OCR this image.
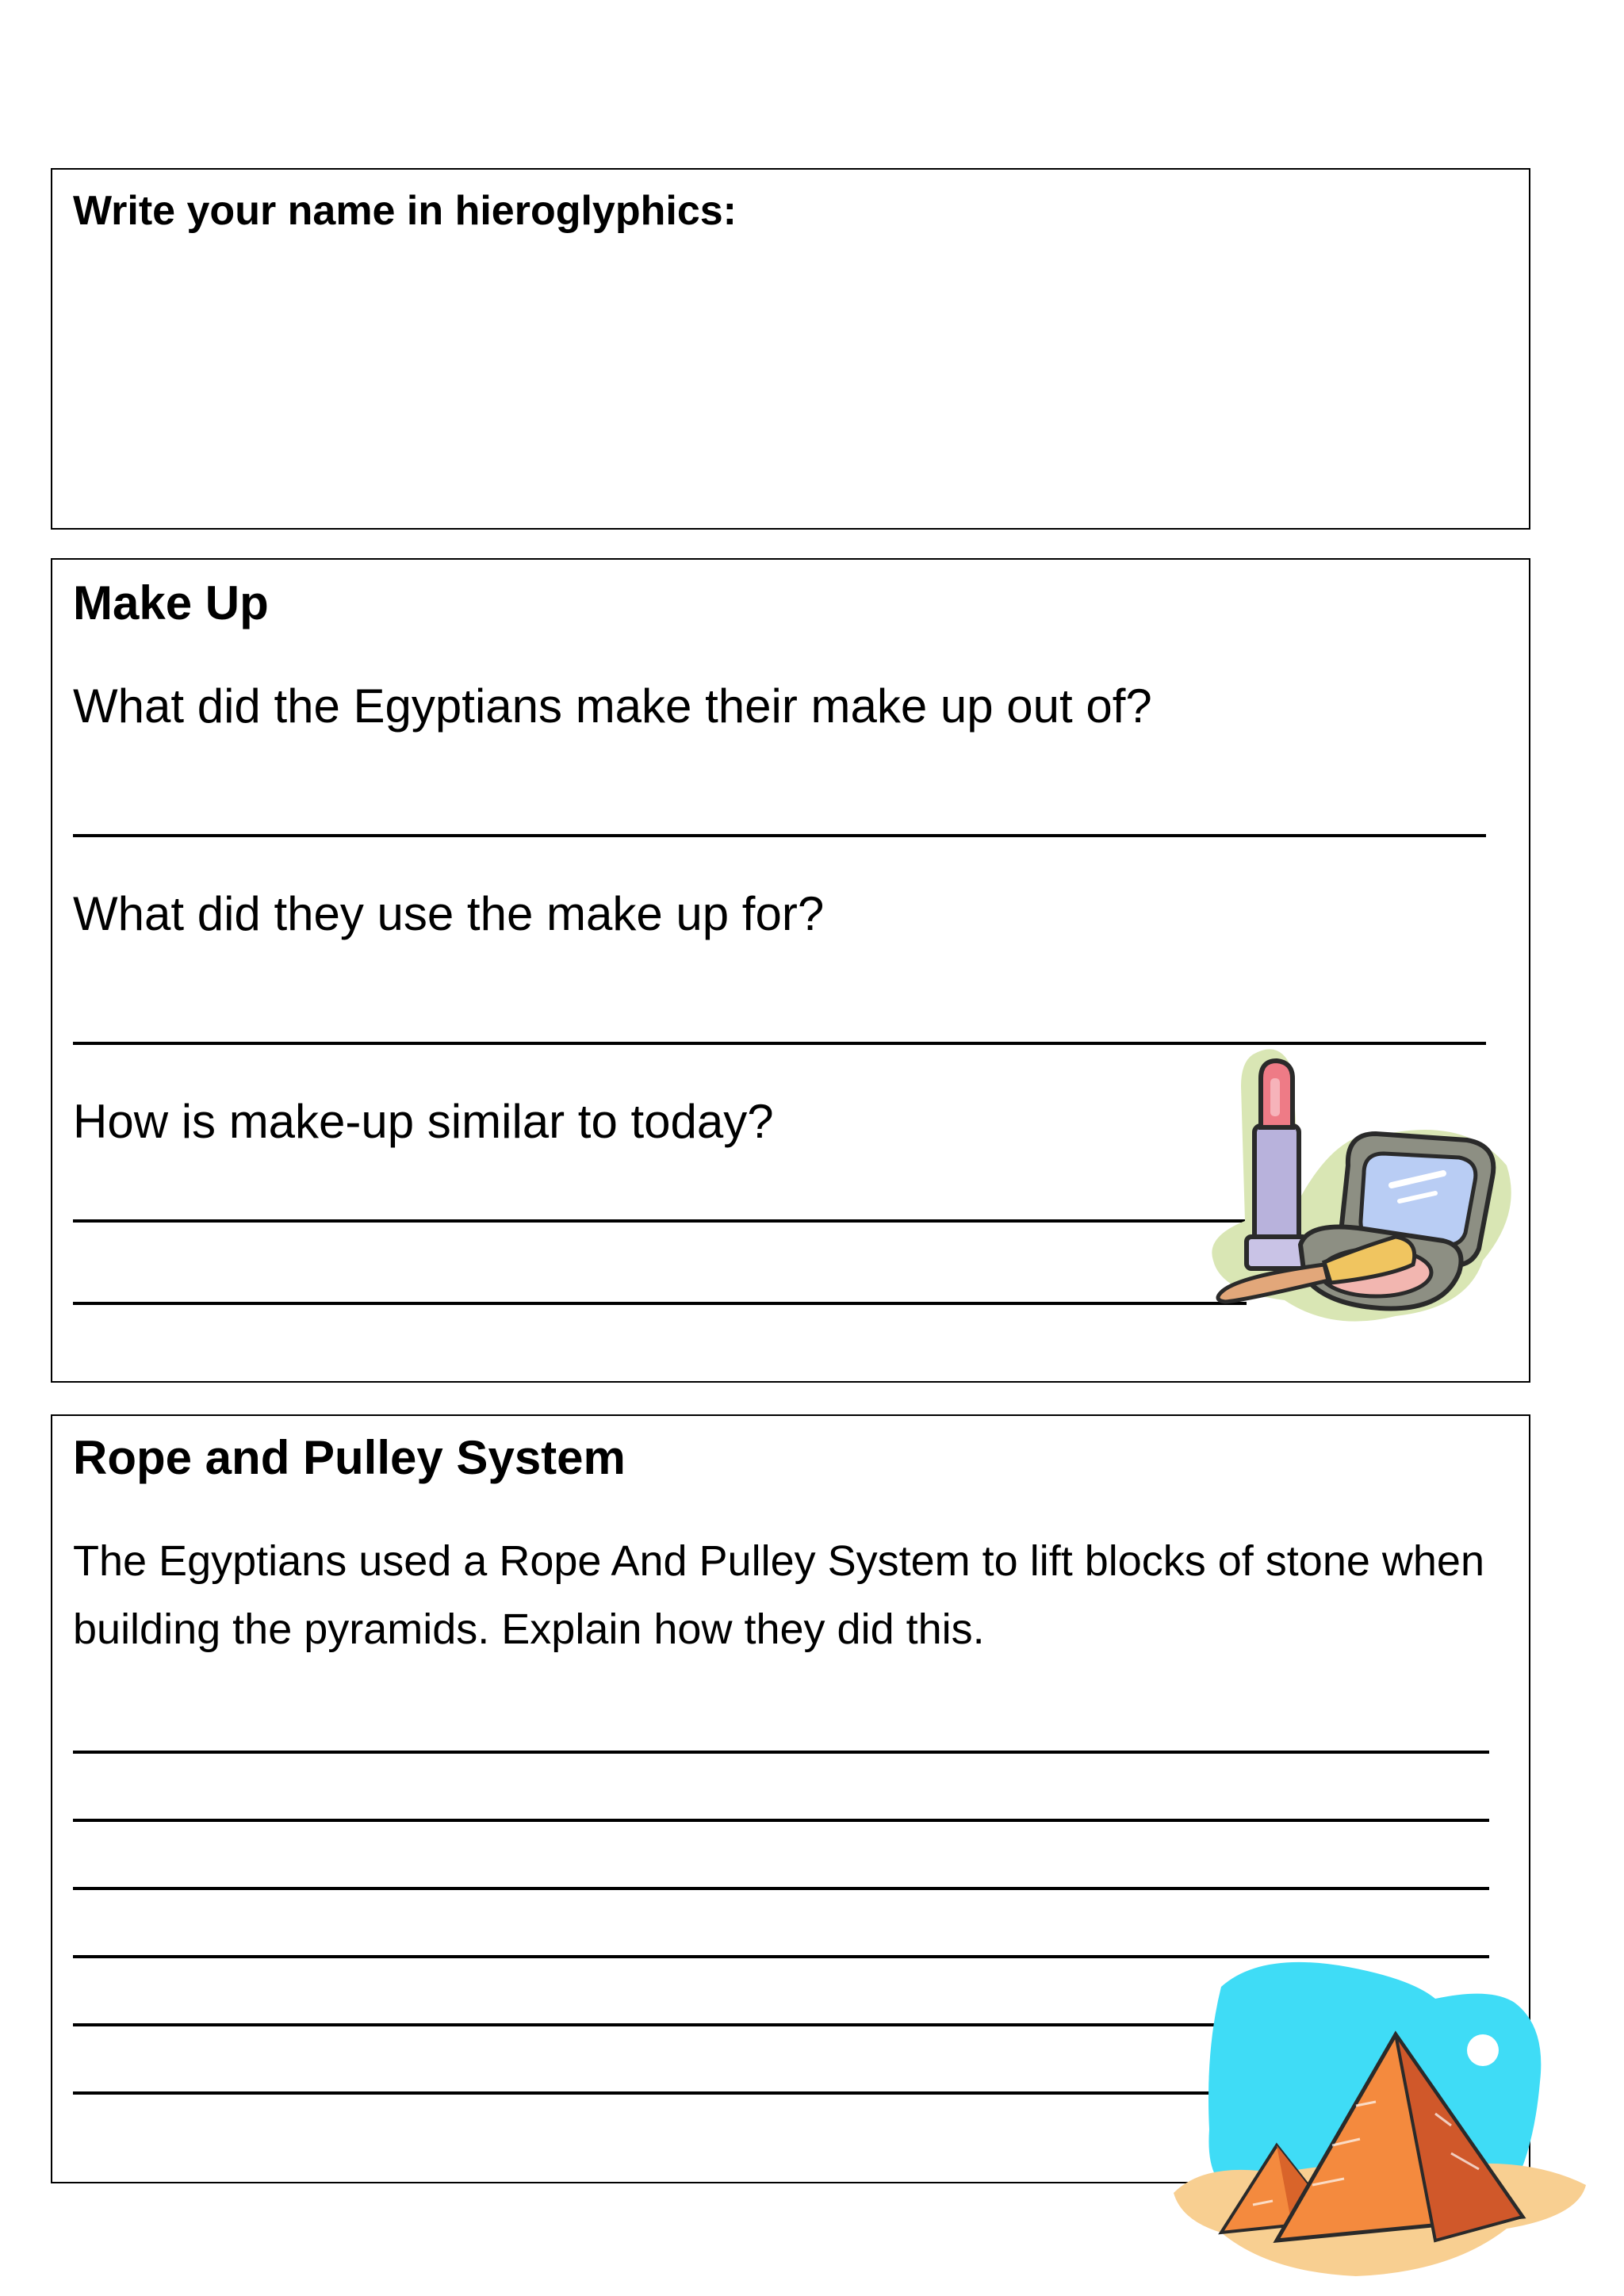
Write your name in hieroglyphics:
Make Up
What did the Egyptians make their make up out of?
What did they use the make up for?
How is make-up similar to today?
Rope and Pulley System
The Egyptians used a Rope And Pulley System to lift blocks of stone when building the pyramids. Explain how they did this.
